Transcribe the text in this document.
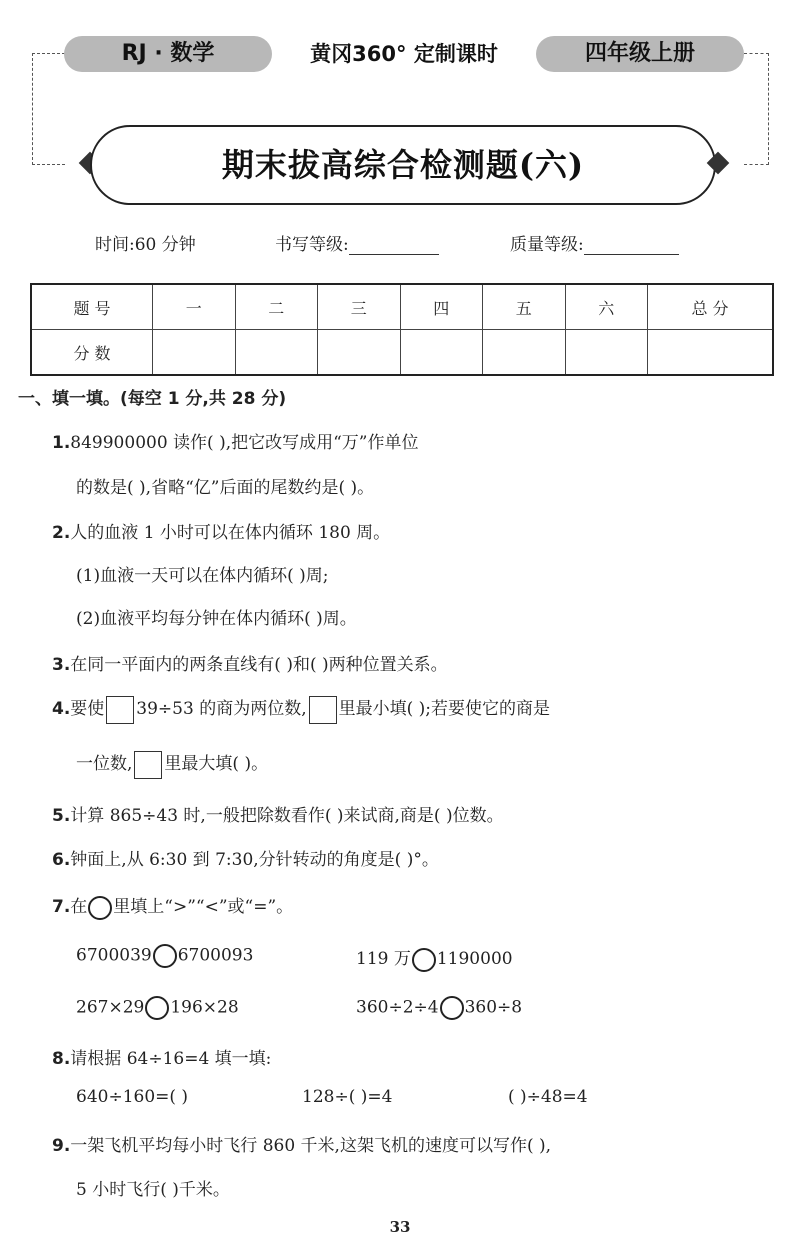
RJ · 数学	黄冈360° 定制课时	四年级上册
期末拔高综合检测题(六)
时间:60 分钟	书写等级:	质量等级:
题 号	一	二	三	四	五	六	总 分
分 数							
一、填一填。(每空 1 分,共 28 分)
1.849900000 读作( ),把它改写成用“万”作单位
的数是( ),省略“亿”后面的尾数约是( )。
2.人的血液 1 小时可以在体内循环 180 周。
(1)血液一天可以在体内循环( )周;
(2)血液平均每分钟在体内循环( )周。
3.在同一平面内的两条直线有( )和( )两种位置关系。
4.要使 39÷53 的商为两位数, 里最小填( );若要使它的商是
一位数, 里最大填( )。
5.计算 865÷43 时,一般把除数看作( )来试商,商是( )位数。
6.钟面上,从 6:30 到 7:30,分针转动的角度是( )°。
7.在 里填上“>”“<”或“=”。
6700039 6700093	119 万 1190000
267×29 196×28	360÷2÷4 360÷8
8.请根据 64÷16=4 填一填:
640÷160=( )	128÷( )=4	( )÷48=4
9.一架飞机平均每小时飞行 860 千米,这架飞机的速度可以写作( ),
5 小时飞行( )千米。
33
